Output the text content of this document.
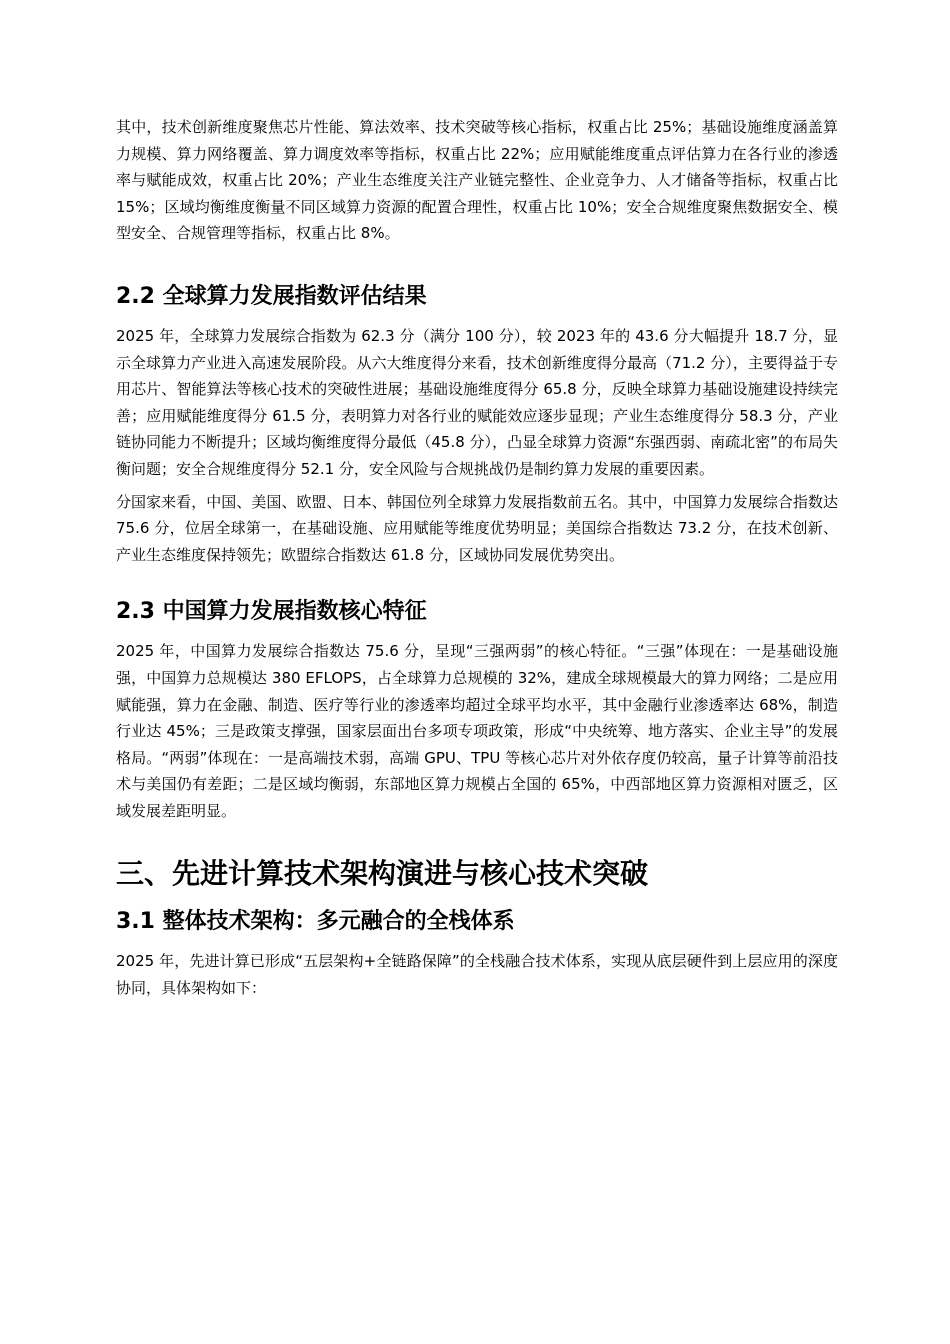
其中，技术创新维度聚焦芯片性能、算法效率、技术突破等核心指标，权重占比 25%；基础设施维度涵盖算力规模、算力网络覆盖、算力调度效率等指标，权重占比 22%；应用赋能维度重点评估算力在各行业的渗透率与赋能成效，权重占比 20%；产业生态维度关注产业链完整性、企业竞争力、人才储备等指标，权重占比 15%；区域均衡维度衡量不同区域算力资源的配置合理性，权重占比 10%；安全合规维度聚焦数据安全、模型安全、合规管理等指标，权重占比 8%。

2.2 全球算力发展指数评估结果

2025 年，全球算力发展综合指数为 62.3 分（满分 100 分），较 2023 年的 43.6 分大幅提升 18.7 分，显示全球算力产业进入高速发展阶段。从六大维度得分来看，技术创新维度得分最高（71.2 分），主要得益于专用芯片、智能算法等核心技术的突破性进展；基础设施维度得分 65.8 分，反映全球算力基础设施建设持续完善；应用赋能维度得分 61.5 分，表明算力对各行业的赋能效应逐步显现；产业生态维度得分 58.3 分，产业链协同能力不断提升；区域均衡维度得分最低（45.8 分），凸显全球算力资源“东强西弱、南疏北密”的布局失衡问题；安全合规维度得分 52.1 分，安全风险与合规挑战仍是制约算力发展的重要因素。

分国家来看，中国、美国、欧盟、日本、韩国位列全球算力发展指数前五名。其中，中国算力发展综合指数达 75.6 分，位居全球第一，在基础设施、应用赋能等维度优势明显；美国综合指数达 73.2 分，在技术创新、产业生态维度保持领先；欧盟综合指数达 61.8 分，区域协同发展优势突出。

2.3 中国算力发展指数核心特征

2025 年，中国算力发展综合指数达 75.6 分，呈现“三强两弱”的核心特征。“三强”体现在：一是基础设施强，中国算力总规模达 380 EFLOPS，占全球算力总规模的 32%，建成全球规模最大的算力网络；二是应用赋能强，算力在金融、制造、医疗等行业的渗透率均超过全球平均水平，其中金融行业渗透率达 68%，制造行业达 45%；三是政策支撑强，国家层面出台多项专项政策，形成“中央统筹、地方落实、企业主导”的发展格局。“两弱”体现在：一是高端技术弱，高端 GPU、TPU 等核心芯片对外依存度仍较高，量子计算等前沿技术与美国仍有差距；二是区域均衡弱，东部地区算力规模占全国的 65%，中西部地区算力资源相对匮乏，区域发展差距明显。

三、先进计算技术架构演进与核心技术突破
3.1 整体技术架构：多元融合的全栈体系

2025 年，先进计算已形成“五层架构+全链路保障”的全栈融合技术体系，实现从底层硬件到上层应用的深度协同，具体架构如下：
